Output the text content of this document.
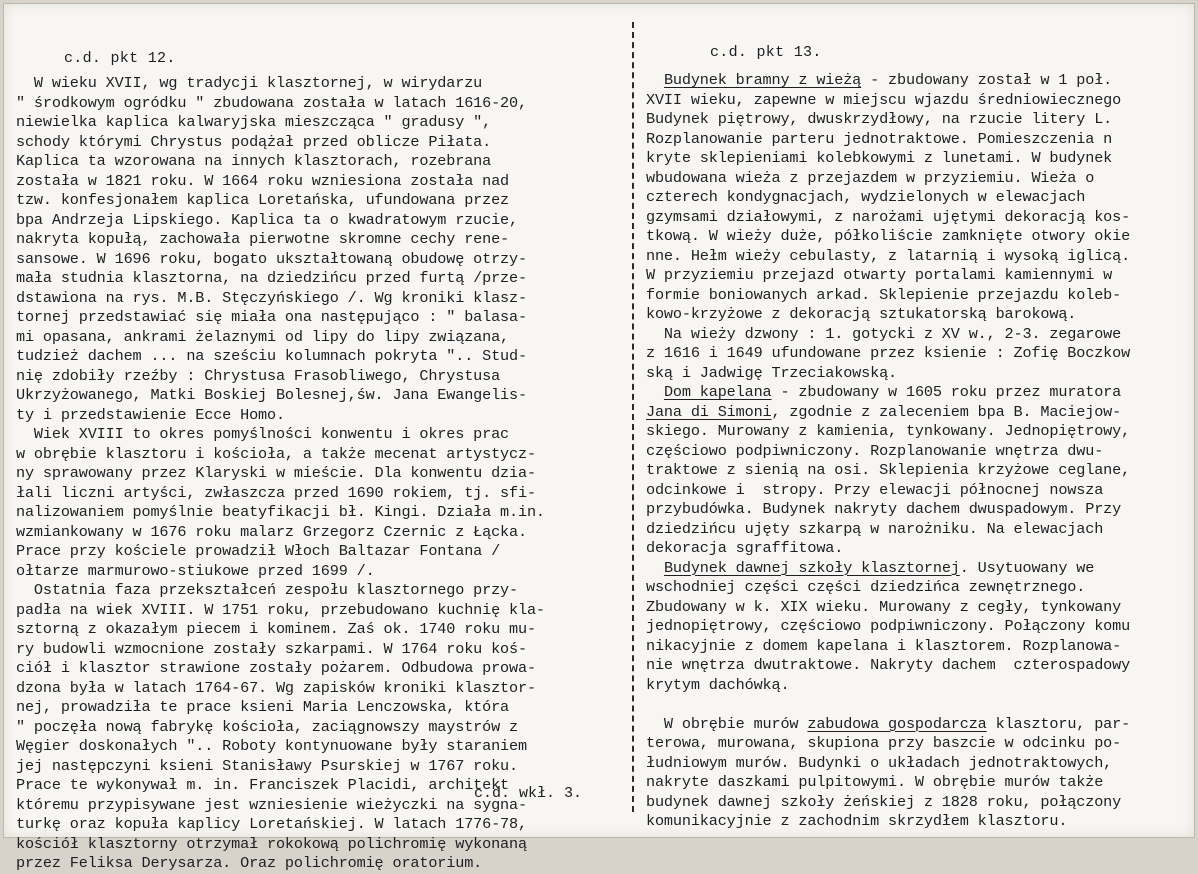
c.d. pkt 12.
W wieku XVII, wg tradycji klasztornej, w wirydarzu
" środkowym ogródku " zbudowana została w latach 1616-20,
niewielka kaplica kalwaryjska mieszcząca " gradusy ",
schody którymi Chrystus podążał przed oblicze Piłata.
Kaplica ta wzorowana na innych klasztorach, rozebrana
została w 1821 roku. W 1664 roku wzniesiona została nad
tzw. konfesjonałem kaplica Loretańska, ufundowana przez
bpa Andrzeja Lipskiego. Kaplica ta o kwadratowym rzucie,
nakryta kopułą, zachowała pierwotne skromne cechy rene-
sansowe. W 1696 roku, bogato ukształtowaną obudowę otrzy-
mała studnia klasztorna, na dziedzińcu przed furtą /prze-
dstawiona na rys. M.B. Stęczyńskiego /. Wg kroniki klasz-
tornej przedstawiać się miała ona następująco : " balasa-
mi opasana, ankrami żelaznymi od lipy do lipy związana,
tudzież dachem ... na sześciu kolumnach pokryta ".. Stud-
nię zdobiły rzeźby : Chrystusa Frasobliwego, Chrystusa
Ukrzyżowanego, Matki Boskiej Bolesnej,św. Jana Ewangelis-
ty i przedstawienie Ecce Homo.
Wiek XVIII to okres pomyślności konwentu i okres prac
w obrębie klasztoru i kościoła, a także mecenat artystycz-
ny sprawowany przez Klaryski w mieście. Dla konwentu dzia-
łali liczni artyści, zwłaszcza przed 1690 rokiem, tj. sfi-
nalizowaniem pomyślnie beatyfikacji bł. Kingi. Działa m.in.
wzmiankowany w 1676 roku malarz Grzegorz Czernic z Łącka.
Prace przy kościele prowadził Włoch Baltazar Fontana /
ołtarze marmurowo-stiukowe przed 1699 /.
Ostatnia faza przekształceń zespołu klasztornego przy-
padła na wiek XVIII. W 1751 roku, przebudowano kuchnię kla-
sztorną z okazałym piecem i kominem. Zaś ok. 1740 roku mu-
ry budowli wzmocnione zostały szkarpami. W 1764 roku koś-
ciół i klasztor strawione zostały pożarem. Odbudowa prowa-
dzona była w latach 1764-67. Wg zapisków kroniki klasztor-
nej, prowadziła te prace ksieni Maria Lenczowska, która
" poczęła nową fabrykę kościoła, zaciągnowszy maystrów z
Węgier doskonałych ".. Roboty kontynuowane były staraniem
jej następczyni ksieni Stanisławy Psurskiej w 1767 roku.
Prace te wykonywał m. in. Franciszek Placidi, architekt
któremu przypisywane jest wzniesienie wieżyczki na sygna-
turkę oraz kopuła kaplicy Loretańskiej. W latach 1776-78,
kościół klasztorny otrzymał rokokową polichromię wykonaną
przez Feliksa Derysarza. Oraz polichromię oratorium.
c.d. wkł. 3.
c.d. pkt 13.
Budynek bramny z wieżą - zbudowany został w 1 poł.
XVII wieku, zapewne w miejscu wjazdu średniowiecznego
Budynek piętrowy, dwuskrzydłowy, na rzucie litery L.
Rozplanowanie parteru jednotraktowe. Pomieszczenia n
kryte sklepieniami kolebkowymi z lunetami. W budynek
wbudowana wieża z przejazdem w przyziemiu. Wieża o
czterech kondygnacjach, wydzielonych w elewacjach
gzymsami działowymi, z narożami ujętymi dekoracją kos-
tkową. W wieży duże, półkoliście zamknięte otwory okie
nne. Hełm wieży cebulasty, z latarnią i wysoką iglicą.
W przyziemiu przejazd otwarty portalami kamiennymi w
formie boniowanych arkad. Sklepienie przejazdu koleb-
kowo-krzyżowe z dekoracją sztukatorską barokową.
Na wieży dzwony : 1. gotycki z XV w., 2-3. zegarowe
z 1616 i 1649 ufundowane przez ksienie : Zofię Boczkow
ską i Jadwigę Trzeciakowską.
Dom kapelana - zbudowany w 1605 roku przez muratora
Jana di Simoni, zgodnie z zaleceniem bpa B. Maciejow-
skiego. Murowany z kamienia, tynkowany. Jednopiętrowy,
częściowo podpiwniczony. Rozplanowanie wnętrza dwu-
traktowe z sienią na osi. Sklepienia krzyżowe ceglane,
odcinkowe i  stropy. Przy elewacji północnej nowsza
przybudówka. Budynek nakryty dachem dwuspadowym. Przy
dziedzińcu ujęty szkarpą w narożniku. Na elewacjach
dekoracja sgraffitowa.
Budynek dawnej szkoły klasztornej. Usytuowany we
wschodniej części części dziedzińca zewnętrznego.
Zbudowany w k. XIX wieku. Murowany z cegły, tynkowany
jednopiętrowy, częściowo podpiwniczony. Połączony komu
nikacyjnie z domem kapelana i klasztorem. Rozplanowa-
nie wnętrza dwutraktowe. Nakryty dachem  czterospadowy
krytym dachówką.
W obrębie murów zabudowa gospodarcza klasztoru, par-
terowa, murowana, skupiona przy baszcie w odcinku po-
łudniowym murów. Budynki o układach jednotraktowych,
nakryte daszkami pulpitowymi. W obrębie murów także
budynek dawnej szkoły żeńskiej z 1828 roku, połączony
komunikacyjnie z zachodnim skrzydłem klasztoru.
